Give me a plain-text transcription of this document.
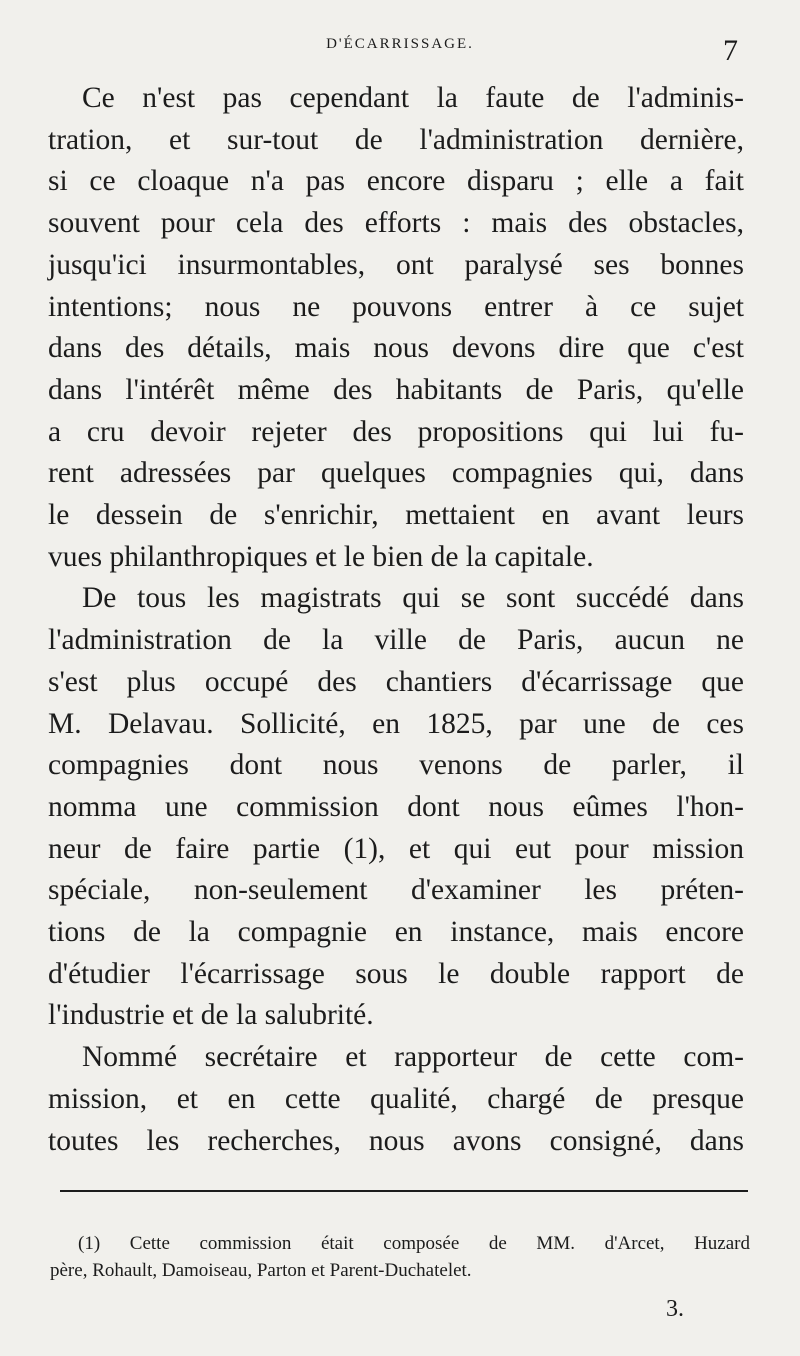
D'ÉCARRISSAGE.	7

Ce n'est pas cependant la faute de l'adminis-
tration, et sur-tout de l'administration dernière,
si ce cloaque n'a pas encore disparu ; elle a fait
souvent pour cela des efforts : mais des obstacles,
jusqu'ici insurmontables, ont paralysé ses bonnes
intentions; nous ne pouvons entrer à ce sujet
dans des détails, mais nous devons dire que c'est
dans l'intérêt même des habitants de Paris, qu'elle
a cru devoir rejeter des propositions qui lui fu-
rent adressées par quelques compagnies qui, dans
le dessein de s'enrichir, mettaient en avant leurs
vues philanthropiques et le bien de la capitale.

De tous les magistrats qui se sont succédé dans
l'administration de la ville de Paris, aucun ne
s'est plus occupé des chantiers d'écarrissage que
M. Delavau. Sollicité, en 1825, par une de ces
compagnies dont nous venons de parler, il
nomma une commission dont nous eûmes l'hon-
neur de faire partie (1), et qui eut pour mission
spéciale, non-seulement d'examiner les préten-
tions de la compagnie en instance, mais encore
d'étudier l'écarrissage sous le double rapport de
l'industrie et de la salubrité.

Nommé secrétaire et rapporteur de cette com-
mission, et en cette qualité, chargé de presque
toutes les recherches, nous avons consigné, dans

(1) Cette commission était composée de MM. d'Arcet, Huzard
père, Rohault, Damoiseau, Parton et Parent-Duchatelet.
3.
